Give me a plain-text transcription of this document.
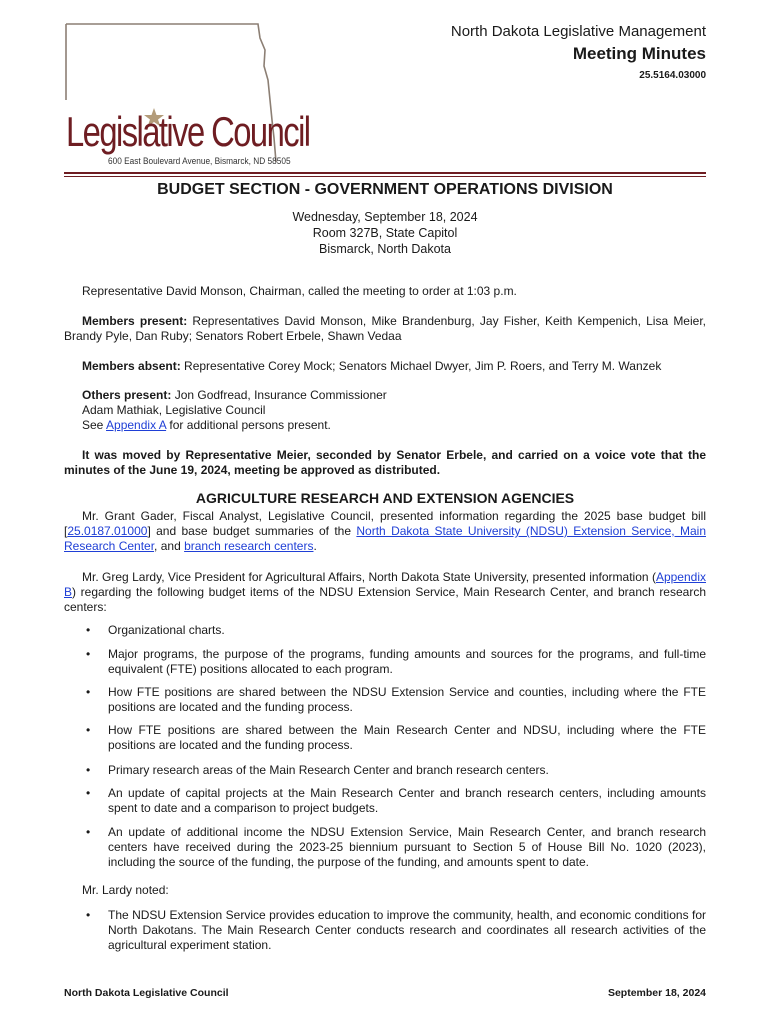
North Dakota Legislative Management
Meeting Minutes
25.5164.03000
Legislative Council
600 East Boulevard Avenue, Bismarck, ND 58505
BUDGET SECTION - GOVERNMENT OPERATIONS DIVISION
Wednesday, September 18, 2024
Room 327B, State Capitol
Bismarck, North Dakota
Representative David Monson, Chairman, called the meeting to order at 1:03 p.m.
Members present: Representatives David Monson, Mike Brandenburg, Jay Fisher, Keith Kempenich, Lisa Meier, Brandy Pyle, Dan Ruby; Senators Robert Erbele, Shawn Vedaa
Members absent: Representative Corey Mock; Senators Michael Dwyer, Jim P. Roers, and Terry M. Wanzek
Others present: Jon Godfread, Insurance Commissioner
Adam Mathiak, Legislative Council
See Appendix A for additional persons present.
It was moved by Representative Meier, seconded by Senator Erbele, and carried on a voice vote that the minutes of the June 19, 2024, meeting be approved as distributed.
AGRICULTURE RESEARCH AND EXTENSION AGENCIES
Mr. Grant Gader, Fiscal Analyst, Legislative Council, presented information regarding the 2025 base budget bill [25.0187.01000] and base budget summaries of the North Dakota State University (NDSU) Extension Service, Main Research Center, and branch research centers.
Mr. Greg Lardy, Vice President for Agricultural Affairs, North Dakota State University, presented information (Appendix B) regarding the following budget items of the NDSU Extension Service, Main Research Center, and branch research centers:
•	Organizational charts.
•	Major programs, the purpose of the programs, funding amounts and sources for the programs, and full-time equivalent (FTE) positions allocated to each program.
•	How FTE positions are shared between the NDSU Extension Service and counties, including where the FTE positions are located and the funding process.
•	How FTE positions are shared between the Main Research Center and NDSU, including where the FTE positions are located and the funding process.
•	Primary research areas of the Main Research Center and branch research centers.
•	An update of capital projects at the Main Research Center and branch research centers, including amounts spent to date and a comparison to project budgets.
•	An update of additional income the NDSU Extension Service, Main Research Center, and branch research centers have received during the 2023-25 biennium pursuant to Section 5 of House Bill No. 1020 (2023), including the source of the funding, the purpose of the funding, and amounts spent to date.
Mr. Lardy noted:
•	The NDSU Extension Service provides education to improve the community, health, and economic conditions for North Dakotans. The Main Research Center conducts research and coordinates all research activities of the agricultural experiment station.
North Dakota Legislative Council	September 18, 2024
